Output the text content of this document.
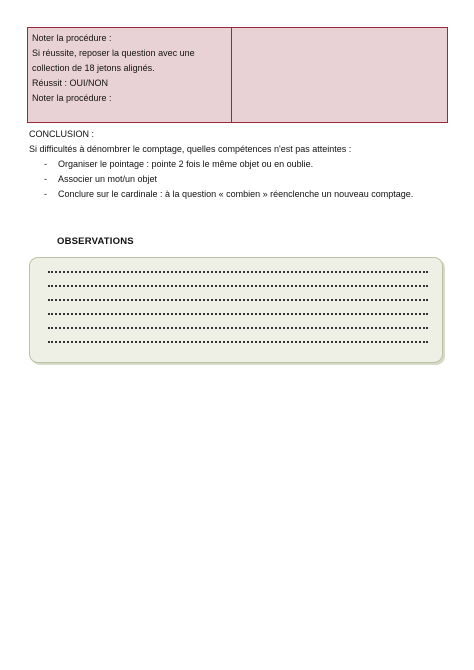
Noter la procédure :
Si réussite, reposer la question avec une
collection de 18 jetons alignés.
Réussit : OUI/NON
Noter la procédure :
CONCLUSION :
Si difficultés à dénombrer le comptage, quelles compétences n'est pas atteintes :
- Organiser le pointage : pointe 2 fois le même objet ou en oublie.
- Associer un mot/un objet
- Conclure sur le cardinale : à la question « combien » réenclenche un nouveau comptage.
OBSERVATIONS
